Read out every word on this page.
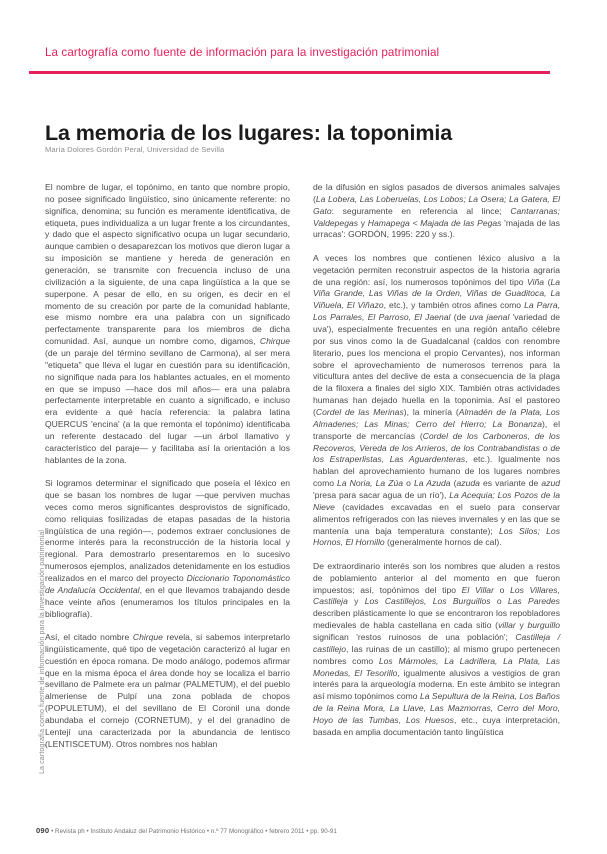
La cartografía como fuente de información para la investigación patrimonial
La memoria de los lugares: la toponimia
María Dolores Gordón Peral, Universidad de Sevilla

El nombre de lugar, el topónimo, en tanto que nombre propio, no posee significado lingüístico, sino únicamente referente: no significa, denomina; su función es meramente identificativa, de etiqueta, pues individualiza a un lugar frente a los circundantes, y dado que el aspecto significativo ocupa un lugar secundario, aunque cambien o desaparezcan los motivos que dieron lugar a su imposición se mantiene y hereda de generación en generación, se transmite con frecuencia incluso de una civilización a la siguiente, de una capa lingüística a la que se superpone. A pesar de ello, en su origen, es decir en el momento de su creación por parte de la comunidad hablante, ese mismo nombre era una palabra con un significado perfectamente transparente para los miembros de dicha comunidad. Así, aunque un nombre como, digamos, Chirque (de un paraje del término sevillano de Carmona), al ser mera "etiqueta" que lleva el lugar en cuestión para su identificación, no signifique nada para los hablantes actuales, en el momento en que se impuso —hace dos mil años— era una palabra perfectamente interpretable en cuanto a significado, e incluso era evidente a qué hacía referencia: la palabra latina QUERCUS 'encina' (a la que remonta el topónimo) identificaba un referente destacado del lugar —un árbol llamativo y característico del paraje— y facilitaba así la orientación a los hablantes de la zona.

Si logramos determinar el significado que poseía el léxico en que se basan los nombres de lugar —que perviven muchas veces como meros significantes desprovistos de significado, como reliquias fosilizadas de etapas pasadas de la historia lingüística de una región—, podemos extraer conclusiones de enorme interés para la reconstrucción de la historia local y regional. Para demostrarlo presentaremos en lo sucesivo numerosos ejemplos, analizados detenidamente en los estudios realizados en el marco del proyecto Diccionario Toponomástico de Andalucía Occidental, en el que llevamos trabajando desde hace veinte años (enumeramos los títulos principales en la bibliografía).

Así, el citado nombre Chirque revela, si sabemos interpretarlo lingüísticamente, qué tipo de vegetación caracterizó al lugar en cuestión en época romana. De modo análogo, podemos afirmar que en la misma época el área donde hoy se localiza el barrio sevillano de Palmete era un palmar (PALMETUM), el del pueblo almeriense de Pulpí una zona poblada de chopos (POPULETUM), el del sevillano de El Coronil una donde abundaba el cornejo (CORNETUM), y el del granadino de Lentejí una caracterizada por la abundancia de lentisco (LENTISCETUM). Otros nombres nos hablan

de la difusión en siglos pasados de diversos animales salvajes (La Lobera, Las Loberuelas, Los Lobos; La Osera; La Gatera, El Gato: seguramente en referencia al lince; Cantarranas; Valdepegas y Hamapega < Majada de las Pegas 'majada de las urracas': GORDÓN, 1995: 220 y ss.).

A veces los nombres que contienen léxico alusivo a la vegetación permiten reconstruir aspectos de la historia agraria de una región: así, los numerosos topónimos del tipo Viña (La Viña Grande, Las Viñas de la Orden, Viñas de Guaditoca, La Viñuela, El Viñazo, etc.), y también otros afines como La Parra, Los Parrales, El Parroso, El Jaenal (de uva jaenal 'variedad de uva'), especialmente frecuentes en una región antaño célebre por sus vinos como la de Guadalcanal (caldos con renombre literario, pues los menciona el propio Cervantes), nos informan sobre el aprovechamiento de numerosos terrenos para la viticultura antes del declive de esta a consecuencia de la plaga de la filoxera a finales del siglo XIX. También otras actividades humanas han dejado huella en la toponimia. Así el pastoreo (Cordel de las Merinas), la minería (Almadén de la Plata, Los Almadenes; Las Minas; Cerro del Hierro; La Bonanza), el transporte de mercancías (Cordel de los Carboneros, de los Recoveros, Vereda de los Arrieros, de los Contrabandistas o de los Estraperlistas, Las Aguardenteras, etc.). Igualmente nos hablan del aprovechamiento humano de los lugares nombres como La Noria, La Zúa o La Azuda (azuda es variante de azud 'presa para sacar agua de un río'), La Acequia; Los Pozos de la Nieve (cavidades excavadas en el suelo para conservar alimentos refrigerados con las nieves invernales y en las que se mantenía una baja temperatura constante); Los Silos; Los Hornos, El Hornillo (generalmente hornos de cal).

De extraordinario interés son los nombres que aluden a restos de poblamiento anterior al del momento en que fueron impuestos; así, topónimos del tipo El Villar o Los Villares, Castilleja y Los Castillejos, Los Burguillos o Las Paredes describen plásticamente lo que se encontraron los repobladores medievales de habla castellana en cada sitio (villar y burguillo significan 'restos ruinosos de una población'; Castilleja / castillejo, las ruinas de un castillo); al mismo grupo pertenecen nombres como Los Mármoles, La Ladrillera, La Plata, Las Monedas, El Tesorillo, igualmente alusivos a vestigios de gran interés para la arqueología moderna. En este ámbito se integran así mismo topónimos como La Sepultura de la Reina, Los Baños de la Reina Mora, La Llave, Las Mazmorras, Cerro del Moro, Hoyo de las Tumbas, Los Huesos, etc., cuya interpretación, basada en amplia documentación tanto lingüística

La cartografía como fuente de información para la investigación patrimonial
090 • Revista ph • Instituto Andaluz del Patrimonio Histórico • n.º 77 Monográfico • febrero 2011 • pp. 90-91
